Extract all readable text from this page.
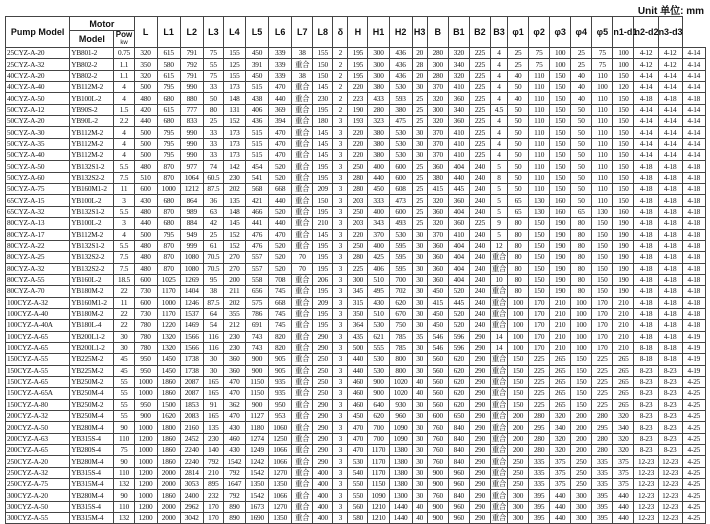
Unit 单位: mm
Pump Model	Motor		L	L1	L2	L3	L4	L5	L6	L7	L8	δ	H	H1	H2	H3	B	B1	B2	B3	φ1	φ2	φ3	φ4	φ5	n1-d1	n2-d2	n3-d3	
	Model	Pow
kw																											

25CYZ-A-20	YB801-2	0.75	320	615	791	75	155	450	339	38	155	2	195	300	436	20	280	320	225	4	25	75	100	25	75	100	4-12	4-12	4-14
25CYZ-A-32	YB802-2	1.1	350	580	792	55	125	391	339	重合	150	2	195	300	436	28	300	340	225	4	25	75	100	25	75	100	4-12	4-12	4-14
40CYZ-A-20	YB802-2	1.1	320	615	791	75	155	450	339	38	150	2	195	300	436	20	280	320	225	4	40	110	150	40	110	150	4-14	4-14	4-14
40CYZ-A-40	YB112M-2	4	500	795	990	33	173	515	470	重合	145	2	220	380	530	30	370	410	225	4	50	110	150	40	100	120	4-14	4-14	4-14
40CYZ-A-50	YB100L-2	4	480	680	880	50	148	438	440	重合	230	2	223	433	593	25	320	360	225	4	40	110	150	40	110	150	4-18	4-18	4-18
50CYZ-A-12	YB90S-2	1.5	420	615	777	80	131	406	369	重合	195	2	190	280	380	25	300	340	225	4.5	50	110	150	50	110	150	4-14	4-14	4-14
50CYZ-A-20	YB90L-2	2.2	440	680	833	25	152	436	394	重合	180	3	193	323	475	25	320	360	225	4	50	110	150	50	110	150	4-14	4-14	4-14
50CYZ-A-30	YB112M-2	4	500	795	990	33	173	515	470	重合	145	3	220	380	530	30	370	410	225	4	50	110	150	50	110	150	4-14	4-14	4-14
50CYZ-A-35	YB112M-2	4	500	795	990	33	173	515	470	重合	145	3	220	380	530	30	370	410	225	4	50	110	150	50	110	150	4-14	4-14	4-14
50CYZ-A-40	YB112M-2	4	500	795	990	33	173	515	470	重合	145	3	220	380	530	30	370	410	225	4	50	110	150	50	110	150	4-14	4-14	4-14
50CYZ-A-50	YB132S1-2	5.5	480	870	977	74	142	454	520	重合	195	3	250	400	600	25	360	404	240	5	50	110	150	50	110	150	4-18	4-18	4-18
50CYZ-A-60	YB132S2-2	7.5	510	870	1064	60.5	230	541	520	重合	195	3	280	440	600	25	380	440	240	8	50	110	150	50	110	150	4-18	4-18	4-18
50CYZ-A-75	YB160M1-2	11	600	1000	1212	87.5	202	568	668	重合	209	3	280	450	608	25	415	445	240	5	50	110	150	50	110	150	4-18	4-18	4-18
65CYZ-A-15	YB100L-2	3	430	680	864	36	135	421	440	重合	150	3	203	333	473	25	320	360	240	5	65	130	160	50	110	150	4-18	4-18	4-18
65CYZ-A-32	YB132S1-2	5.5	480	870	989	63	148	466	520	重合	195	3	250	400	600	25	360	404	240	5	65	130	160	65	130	160	4-18	4-18	4-18
80CYZ-A-13	YB100L-2	3	440	680	884	42	145	441	440	重合	210	3	203	343	493	25	320	360	225	9	80	150	190	80	150	190	4-18	4-18	4-18
80CYZ-A-17	YB112M-2	4	500	795	949	25	152	476	470	重合	145	3	220	370	530	30	370	410	240	5	80	150	190	80	150	190	4-18	4-18	4-18
80CYZ-A-22	YB132S1-2	5.5	480	870	999	61	152	476	520	重合	195	3	250	400	595	30	360	404	240	12	80	150	190	80	150	190	4-18	4-18	4-18
80CYZ-A-25	YB132S2-2	7.5	480	870	1080	70.5	270	557	520	70	195	3	280	425	595	30	360	404	240	重合	80	150	190	80	150	190	4-18	4-18	4-18
80CYZ-A-32	YB132S2-2	7.5	480	870	1080	70.5	270	557	520	70	195	3	225	406	595	30	360	404	240	重合	80	150	190	80	150	190	4-18	4-18	4-18
80CYZ-A-55	YB160L-2	18.5	600	1025	1269	95	200	558	708	重合	206	3	300	510	700	30	360	404	240	10	80	150	190	80	150	190	4-18	4-18	4-18
80CYZ-A-70	YB180M-2	22	730	1170	1404	38	211	656	745	重合	195	3	345	495	702	30	450	520	240	重合	80	150	190	80	150	190	4-18	4-18	4-18
100CYZ-A-32	YB160M1-2	11	600	1000	1246	87.5	202	575	668	重合	209	3	315	430	620	30	415	445	240	重合	100	170	210	100	170	210	4-18	4-18	4-18
100CYZ-A-40	YB180M-2	22	730	1170	1537	64	355	786	745	重合	195	3	350	510	670	30	450	520	240	重合	100	170	210	100	170	210	4-18	4-18	4-18
100CYZ-A-40A	YB180L-4	22	780	1220	1469	54	212	691	745	重合	195	3	364	530	750	30	450	520	240	重合	100	170	210	100	170	210	4-18	4-18	4-18
100CYZ-A-65	YB200L1-2	30	780	1320	1566	116	230	743	820	重合	290	3	435	621	785	35	546	596	290	14	100	170	210	100	170	210	4-18	4-18	4-19
100CYZ-A-65	YB200L1-2	30	780	1320	1566	116	230	743	820	重合	290	3	500	555	785	30	546	596	290	14	100	170	210	100	170	210	8-18	8-18	4-19
150CYZ-A-55	YB225M-2	45	950	1450	1738	30	360	900	905	重合	250	3	440	530	800	30	560	620	290	重合	150	225	265	150	225	265	8-18	8-18	4-19
150CYZ-A-55	YB225M-2	45	950	1450	1738	30	360	900	905	重合	250	3	440	530	800	30	560	620	290	重合	150	225	265	150	225	265	8-23	8-23	4-19
150CYZ-A-65	YB250M-2	55	1000	1860	2087	165	470	1150	935	重合	250	3	460	900	1020	40	560	620	290	重合	150	225	265	150	225	265	8-23	8-23	4-25
150CYZ-A-65A	YB250M-4	55	1000	1860	2087	165	470	1150	935	重合	250	3	460	900	1020	40	560	620	290	重合	150	225	265	150	225	265	8-23	8-23	4-25
150CYZ-A-80	YB250M-2	55	950	1500	1853	91	362	900	950	重合	290	3	460	640	930	30	560	620	290	重合	150	225	265	150	225	265	8-23	8-23	4-25
200CYZ-A-32	YB250M-4	55	900	1620	2083	165	470	1127	953	重合	290	3	450	620	960	30	600	650	290	重合	200	280	320	200	280	320	8-23	8-23	4-25
200CYZ-A-50	YB280M-4	90	1000	1800	2160	135	430	1180	1060	重合	290	3	470	700	1090	30	760	840	290	重合	200	295	340	200	295	340	8-23	8-23	4-25
200CYZ-A-63	YB315S-4	110	1200	1860	2452	230	460	1274	1250	重合	290	3	470	700	1090	30	760	840	290	重合	200	280	320	200	280	320	8-23	8-23	4-25
200CYZ-A-65	YB280S-4	75	1000	1860	2240	140	430	1249	1066	重合	290	3	470	1170	1380	30	760	840	290	重合	200	280	320	200	280	320	8-23	8-23	4-25
250CYZ-A-20	YB280M-4	90	1000	1860	2240	792	1542	1242	1066	重合	290	3	530	1170	1380	30	760	840	290	重合	250	335	375	250	335	375	12-23	12-23	4-25
250CYZ-A-32	YB315S-4	110	1200	2000	2814	210	792	1542	1270	重合	400	3	540	1170	1380	30	900	960	290	重合	250	335	375	250	335	375	12-23	12-23	4-25
250CYZ-A-75	YB315M-4	132	1200	2000	3053	895	1647	1350	1350	重合	400	3	550	1150	1380	30	900	960	290	重合	250	335	375	250	335	375	12-23	12-23	4-25
300CYZ-A-20	YB280M-4	90	1000	1860	2400	232	792	1542	1066	重合	400	3	550	1090	1300	30	760	840	290	重合	300	395	440	300	395	440	12-23	12-23	4-25
300CYZ-A-50	YB315S-4	110	1200	2000	2962	170	890	1673	1270	重合	400	3	560	1210	1440	40	900	960	290	重合	300	395	440	300	395	440	12-23	12-23	4-25
300CYZ-A-55	YB315M-4	132	1200	2000	3042	170	890	1690	1350	重合	400	3	580	1210	1440	40	900	960	290	重合	300	395	440	300	395	440	12-23	12-23	4-25
